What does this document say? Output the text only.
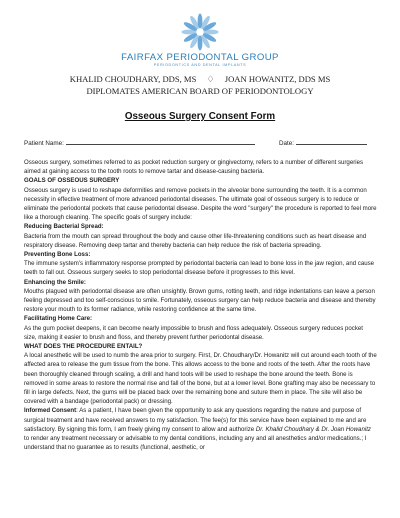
FAIRFAX PERIODONTAL GROUP
PERIODONTICS AND DENTAL IMPLANTS
KHALID CHOUDHARY, DDS, MS ♢ JOAN HOWANITZ, DDS MS
DIPLOMATES AMERICAN BOARD OF PERIODONTOLOGY
Osseous Surgery Consent Form
Patient Name:	Date:

Osseous surgery, sometimes referred to as pocket reduction surgery or gingivectomy, refers to a number of different surgeries aimed at gaining access to the tooth roots to remove tartar and disease-causing bacteria.

GOALS OF OSSEOUS SURGERY

Osseous surgery is used to reshape deformities and remove pockets in the alveolar bone surrounding the teeth. It is a common necessity in effective treatment of more advanced periodontal diseases. The ultimate goal of osseous surgery is to reduce or eliminate the periodontal pockets that cause periodontal disease. Despite the word "surgery" the procedure is reported to feel more like a thorough cleaning. The specific goals of surgery include:

Reducing Bacterial Spread:

Bacteria from the mouth can spread throughout the body and cause other life-threatening conditions such as heart disease and respiratory disease. Removing deep tartar and thereby bacteria can help reduce the risk of bacteria spreading.

Preventing Bone Loss:

The immune system's inflammatory response prompted by periodontal bacteria can lead to bone loss in the jaw region, and cause teeth to fall out. Osseous surgery seeks to stop periodontal disease before it progresses to this level.

Enhancing the Smile:

Mouths plagued with periodontal disease are often unsightly. Brown gums, rotting teeth, and ridge indentations can leave a person feeling depressed and too self-conscious to smile. Fortunately, osseous surgery can help reduce bacteria and disease and thereby restore your mouth to its former radiance, while restoring confidence at the same time.

Facilitating Home Care:

As the gum pocket deepens, it can become nearly impossible to brush and floss adequately. Osseous surgery reduces pocket size, making it easier to brush and floss, and thereby prevent further periodontal disease.

WHAT DOES THE PROCEDURE ENTAIL?

A local anesthetic will be used to numb the area prior to surgery. First, Dr. Choudhary/Dr. Howanitz will cut around each tooth of the affected area to release the gum tissue from the bone. This allows access to the bone and roots of the teeth. After the roots have been thoroughly cleaned through scaling, a drill and hand tools will be used to reshape the bone around the teeth. Bone is removed in some areas to restore the normal rise and fall of the bone, but at a lower level. Bone grafting may also be necessary to fill in large defects. Next, the gums will be placed back over the remaining bone and suture them in place. The site will also be covered with a bandage (periodontal pack) or dressing.

Informed Consent: As a patient, I have been given the opportunity to ask any questions regarding the nature and purpose of surgical treatment and have received answers to my satisfaction. The fee(s) for this service have been explained to me and are satisfactory. By signing this form, I am freely giving my consent to allow and authorize Dr. Khalid Choudhary & Dr. Joan Howanitz to render any treatment necessary or advisable to my dental conditions, including any and all anesthetics and/or medications.; I understand that no guarantee as to results (functional, aesthetic, or
